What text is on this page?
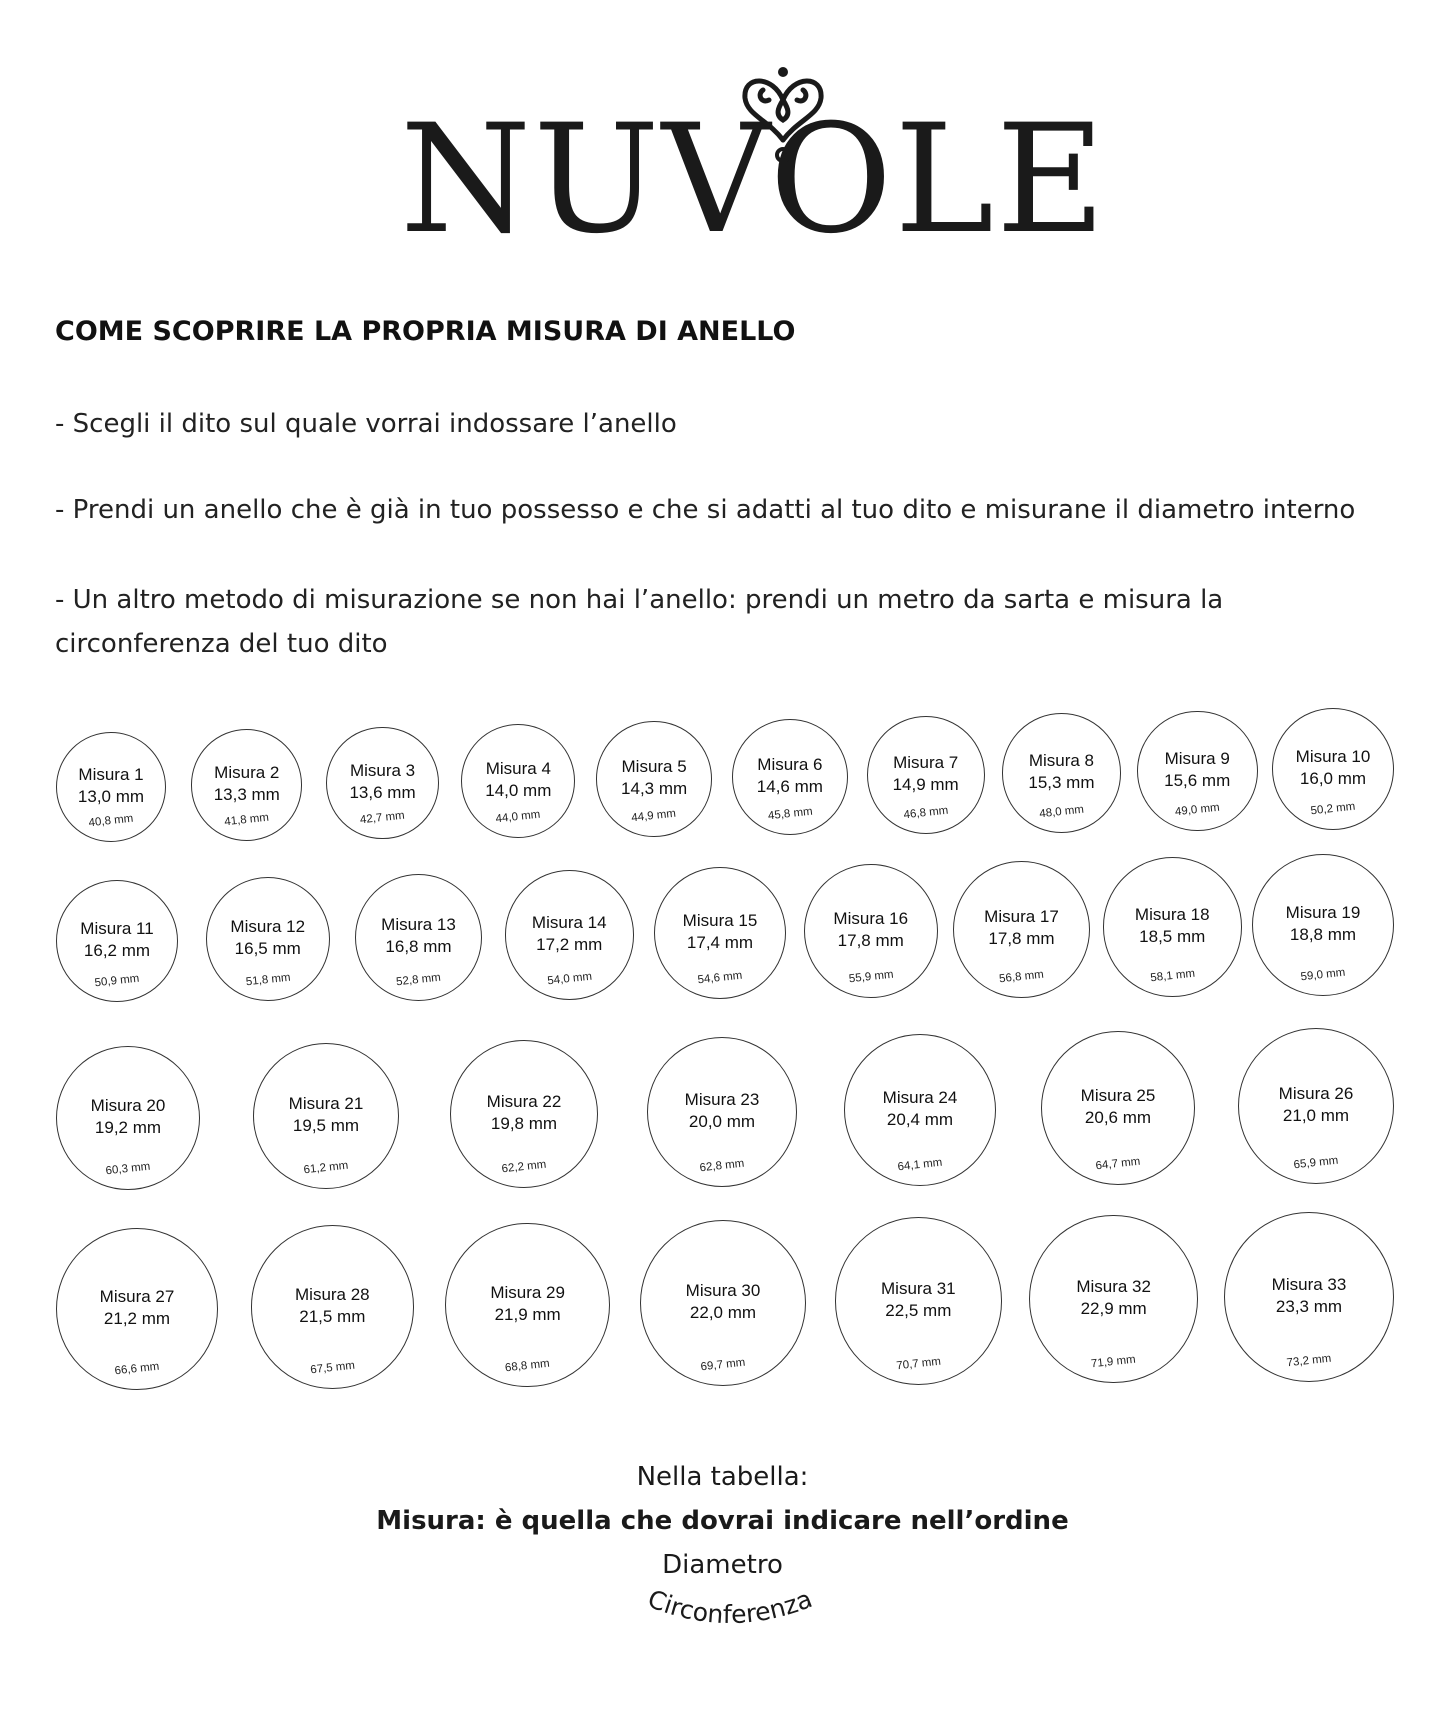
NUVOLE
COME SCOPRIRE LA PROPRIA MISURA DI ANELLO
- Scegli il dito sul quale vorrai indossare l’anello
- Prendi un anello che è già in tuo possesso e che si adatti al tuo dito e misurane il diametro interno
- Un altro metodo di misurazione se non hai l’anello: prendi un metro da sarta e misura la circonferenza del tuo dito
Misura 1
13,0 mm
40,8 mm
Misura 2
13,3 mm
41,8 mm
Misura 3
13,6 mm
42,7 mm
Misura 4
14,0 mm
44,0 mm
Misura 5
14,3 mm
44,9 mm
Misura 6
14,6 mm
45,8 mm
Misura 7
14,9 mm
46,8 mm
Misura 8
15,3 mm
48,0 mm
Misura 9
15,6 mm
49,0 mm
Misura 10
16,0 mm
50,2 mm
Misura 11
16,2 mm
50,9 mm
Misura 12
16,5 mm
51,8 mm
Misura 13
16,8 mm
52,8 mm
Misura 14
17,2 mm
54,0 mm
Misura 15
17,4 mm
54,6 mm
Misura 16
17,8 mm
55,9 mm
Misura 17
17,8 mm
56,8 mm
Misura 18
18,5 mm
58,1 mm
Misura 19
18,8 mm
59,0 mm
Misura 20
19,2 mm
60,3 mm
Misura 21
19,5 mm
61,2 mm
Misura 22
19,8 mm
62,2 mm
Misura 23
20,0 mm
62,8 mm
Misura 24
20,4 mm
64,1 mm
Misura 25
20,6 mm
64,7 mm
Misura 26
21,0 mm
65,9 mm
Misura 27
21,2 mm
66,6 mm
Misura 28
21,5 mm
67,5 mm
Misura 29
21,9 mm
68,8 mm
Misura 30
22,0 mm
69,7 mm
Misura 31
22,5 mm
70,7 mm
Misura 32
22,9 mm
71,9 mm
Misura 33
23,3 mm
73,2 mm
Nella tabella:
Misura: è quella che dovrai indicare nell’ordine
Diametro
Circonferenza
